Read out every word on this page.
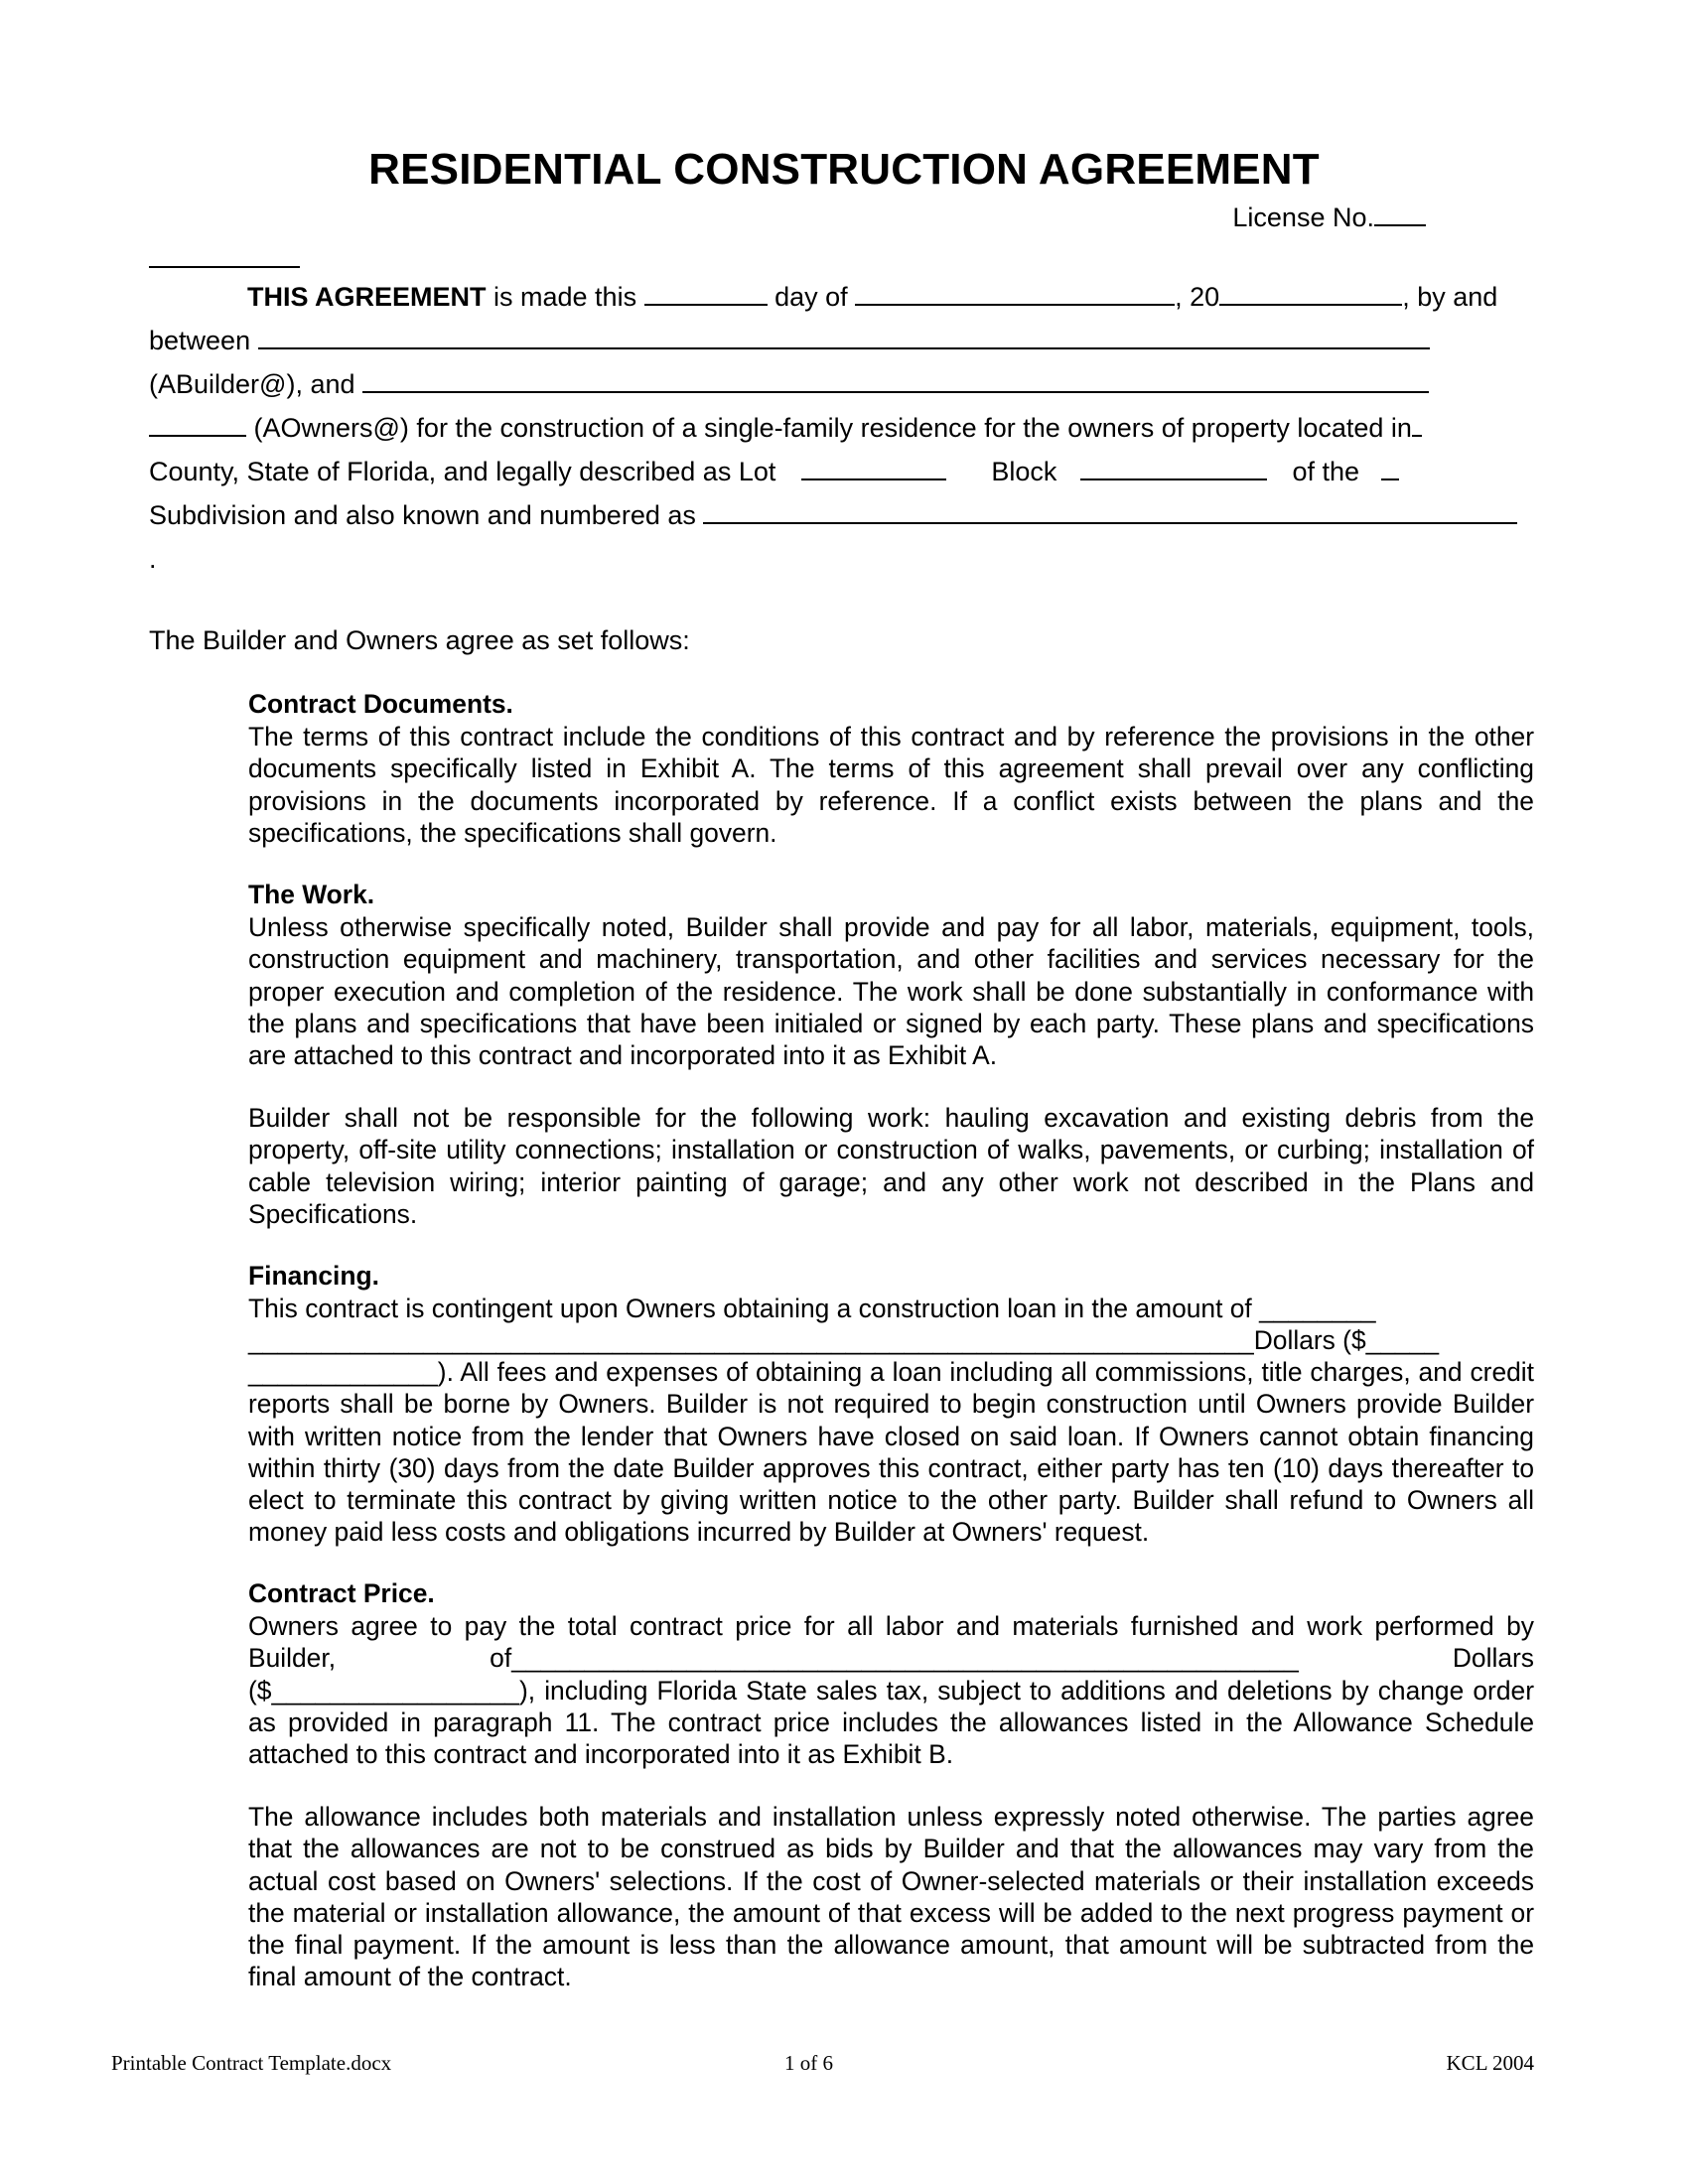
RESIDENTIAL CONSTRUCTION AGREEMENT
License No.
THIS AGREEMENT is made this	day of	, 20	, by and
between
(ABuilder@), and
(AOwners@) for the construction of a single-family residence for the owners of property located in
County, State of Florida, and legally described as Lot	Block	of the
Subdivision and also known and numbered as
.
The Builder and Owners agree as set follows:
Contract Documents.

The terms of this contract include the conditions of this contract and by reference the provisions in the other documents specifically listed in Exhibit A. The terms of this agreement shall prevail over any conflicting provisions in the documents incorporated by reference. If a conflict exists between the plans and the specifications, the specifications shall govern.

The Work.

Unless otherwise specifically noted, Builder shall provide and pay for all labor, materials, equipment, tools, construction equipment and machinery, transportation, and other facilities and services necessary for the proper execution and completion of the residence. The work shall be done substantially in conformance with the plans and specifications that have been initialed or signed by each party. These plans and specifications are attached to this contract and incorporated into it as Exhibit A.

Builder shall not be responsible for the following work: hauling excavation and existing debris from the property, off-site utility connections; installation or construction of walks, pavements, or curbing; installation of cable television wiring; interior painting of garage; and any other work not described in the Plans and Specifications.

Financing.
This contract is contingent upon Owners obtaining a construction loan in the amount of ________
_____________________________________________________________________Dollars ($_____

_____________). All fees and expenses of obtaining a loan including all commissions, title charges, and credit reports shall be borne by Owners. Builder is not required to begin construction until Owners provide Builder with written notice from the lender that Owners have closed on said loan. If Owners cannot obtain financing within thirty (30) days from the date Builder approves this contract, either party has ten (10) days thereafter to elect to terminate this contract by giving written notice to the other party. Builder shall refund to Owners all money paid less costs and obligations incurred by Builder at Owners' request.

Contract Price.

Owners agree to pay the total contract price for all labor and materials furnished and work performed by Builder, of______________________________________________________ Dollars ($_________________), including Florida State sales tax, subject to additions and deletions by change order as provided in paragraph 11. The contract price includes the allowances listed in the Allowance Schedule attached to this contract and incorporated into it as Exhibit B.

The allowance includes both materials and installation unless expressly noted otherwise. The parties agree that the allowances are not to be construed as bids by Builder and that the allowances may vary from the actual cost based on Owners' selections. If the cost of Owner-selected materials or their installation exceeds the material or installation allowance, the amount of that excess will be added to the next progress payment or the final payment. If the amount is less than the allowance amount, that amount will be subtracted from the final amount of the contract.

Printable Contract Template.docx	1 of 6	KCL 2004
